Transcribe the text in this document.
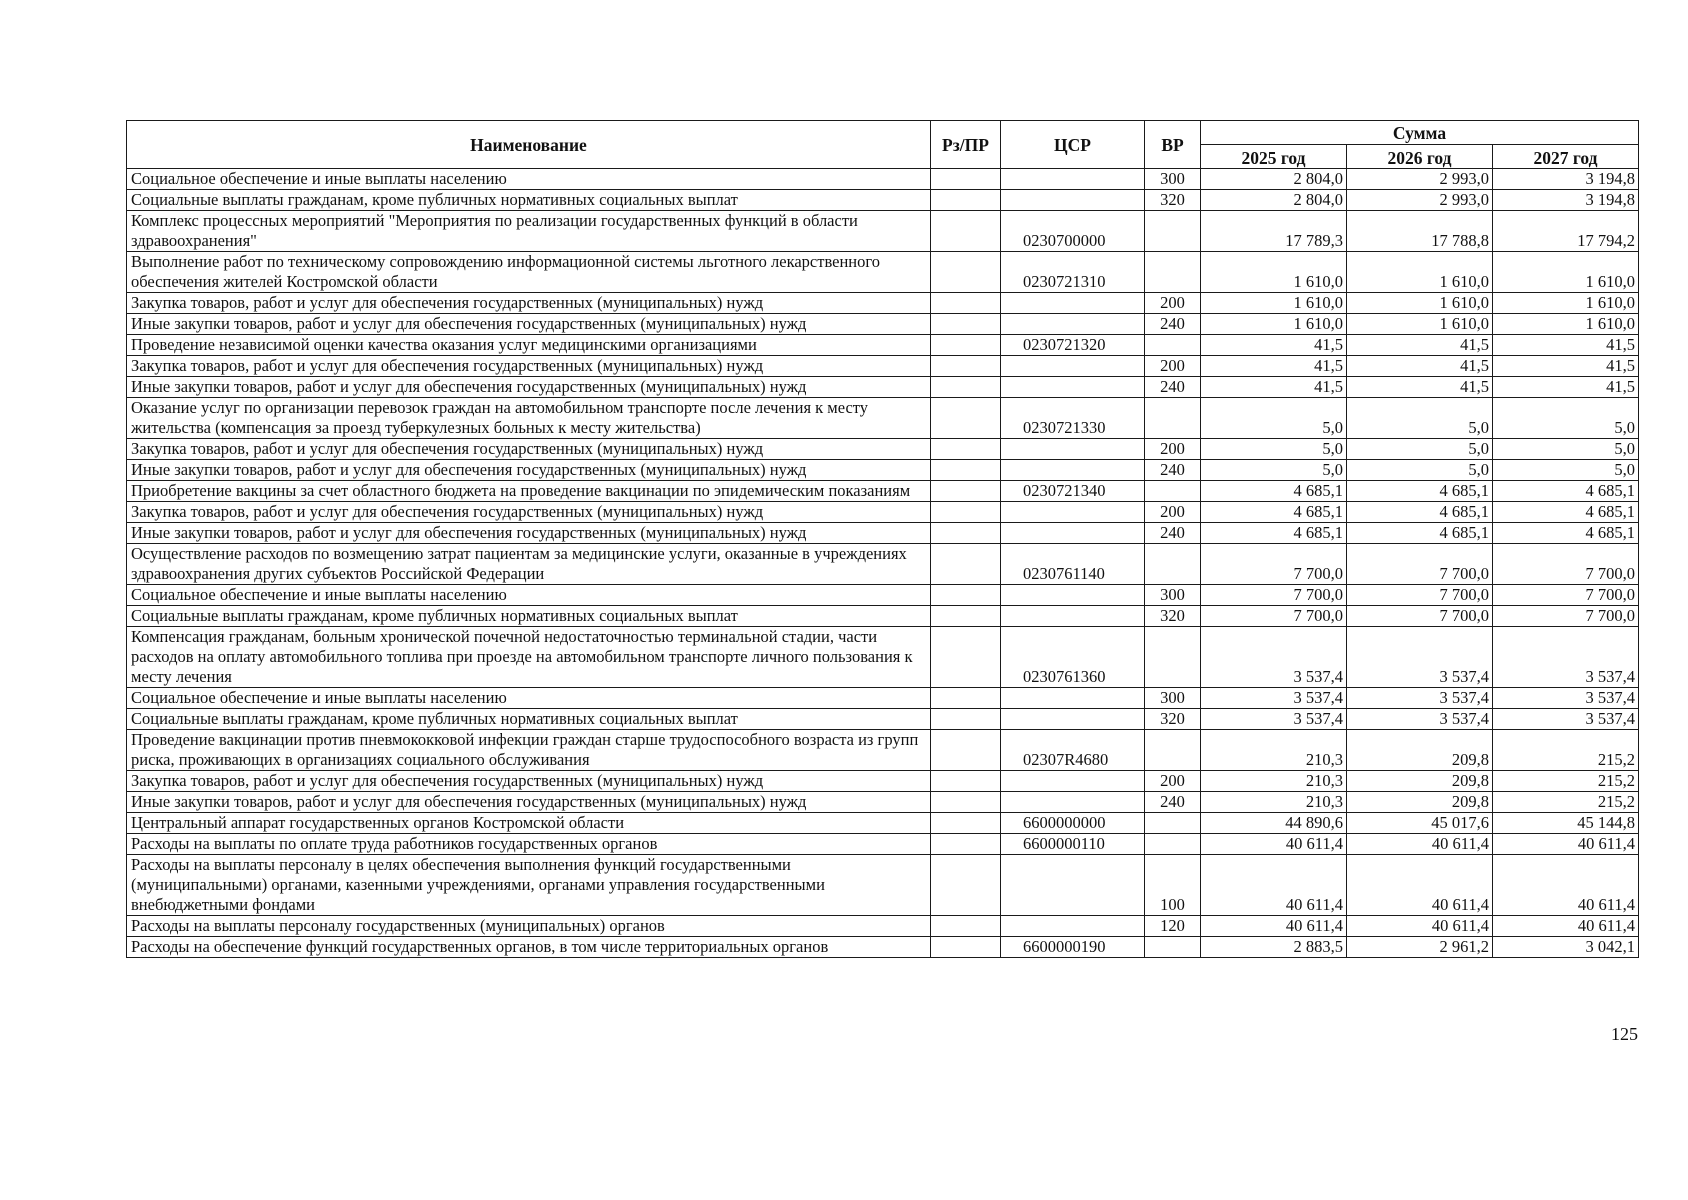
Наименование	Рз/ПР	ЦСР	ВР	Сумма		
				2025 год	2026 год	2027 год
Социальное обеспечение и иные выплаты населению			300	2 804,0	2 993,0	3 194,8
Социальные выплаты гражданам, кроме публичных нормативных социальных выплат			320	2 804,0	2 993,0	3 194,8
Комплекс процессных мероприятий "Мероприятия по реализации государственных функций в области здравоохранения"		0230700000		17 789,3	17 788,8	17 794,2
Выполнение работ по техническому сопровождению информационной системы льготного лекарственного обеспечения жителей Костромской области		0230721310		1 610,0	1 610,0	1 610,0
Закупка товаров, работ и услуг для обеспечения государственных (муниципальных) нужд			200	1 610,0	1 610,0	1 610,0
Иные закупки товаров, работ и услуг для обеспечения государственных (муниципальных) нужд			240	1 610,0	1 610,0	1 610,0
Проведение независимой оценки качества оказания услуг медицинскими организациями		0230721320		41,5	41,5	41,5
Закупка товаров, работ и услуг для обеспечения государственных (муниципальных) нужд			200	41,5	41,5	41,5
Иные закупки товаров, работ и услуг для обеспечения государственных (муниципальных) нужд			240	41,5	41,5	41,5
Оказание услуг по организации перевозок граждан на автомобильном транспорте после лечения к месту жительства (компенсация за проезд туберкулезных больных к месту жительства)		0230721330		5,0	5,0	5,0
Закупка товаров, работ и услуг для обеспечения государственных (муниципальных) нужд			200	5,0	5,0	5,0
Иные закупки товаров, работ и услуг для обеспечения государственных (муниципальных) нужд			240	5,0	5,0	5,0
Приобретение вакцины за счет областного бюджета на проведение вакцинации по эпидемическим показаниям		0230721340		4 685,1	4 685,1	4 685,1
Закупка товаров, работ и услуг для обеспечения государственных (муниципальных) нужд			200	4 685,1	4 685,1	4 685,1
Иные закупки товаров, работ и услуг для обеспечения государственных (муниципальных) нужд			240	4 685,1	4 685,1	4 685,1
Осуществление расходов по возмещению затрат пациентам за медицинские услуги, оказанные в учреждениях здравоохранения других субъектов Российской Федерации		0230761140		7 700,0	7 700,0	7 700,0
Социальное обеспечение и иные выплаты населению			300	7 700,0	7 700,0	7 700,0
Социальные выплаты гражданам, кроме публичных нормативных социальных выплат			320	7 700,0	7 700,0	7 700,0
Компенсация гражданам, больным хронической почечной недостаточностью терминальной стадии, части расходов на оплату автомобильного топлива при проезде на автомобильном транспорте личного пользования к месту лечения		0230761360		3 537,4	3 537,4	3 537,4
Социальное обеспечение и иные выплаты населению			300	3 537,4	3 537,4	3 537,4
Социальные выплаты гражданам, кроме публичных нормативных социальных выплат			320	3 537,4	3 537,4	3 537,4
Проведение вакцинации против пневмококковой инфекции граждан старше трудоспособного возраста из групп риска, проживающих в организациях социального обслуживания		02307R4680		210,3	209,8	215,2
Закупка товаров, работ и услуг для обеспечения государственных (муниципальных) нужд			200	210,3	209,8	215,2
Иные закупки товаров, работ и услуг для обеспечения государственных (муниципальных) нужд			240	210,3	209,8	215,2
Центральный аппарат государственных органов Костромской области		6600000000		44 890,6	45 017,6	45 144,8
Расходы на выплаты по оплате труда работников государственных органов		6600000110		40 611,4	40 611,4	40 611,4
Расходы на выплаты персоналу в целях обеспечения выполнения функций государственными (муниципальными) органами, казенными учреждениями, органами управления государственными внебюджетными фондами			100	40 611,4	40 611,4	40 611,4
Расходы на выплаты персоналу государственных (муниципальных) органов			120	40 611,4	40 611,4	40 611,4
Расходы на обеспечение функций государственных органов, в том числе территориальных органов		6600000190		2 883,5	2 961,2	3 042,1
125
